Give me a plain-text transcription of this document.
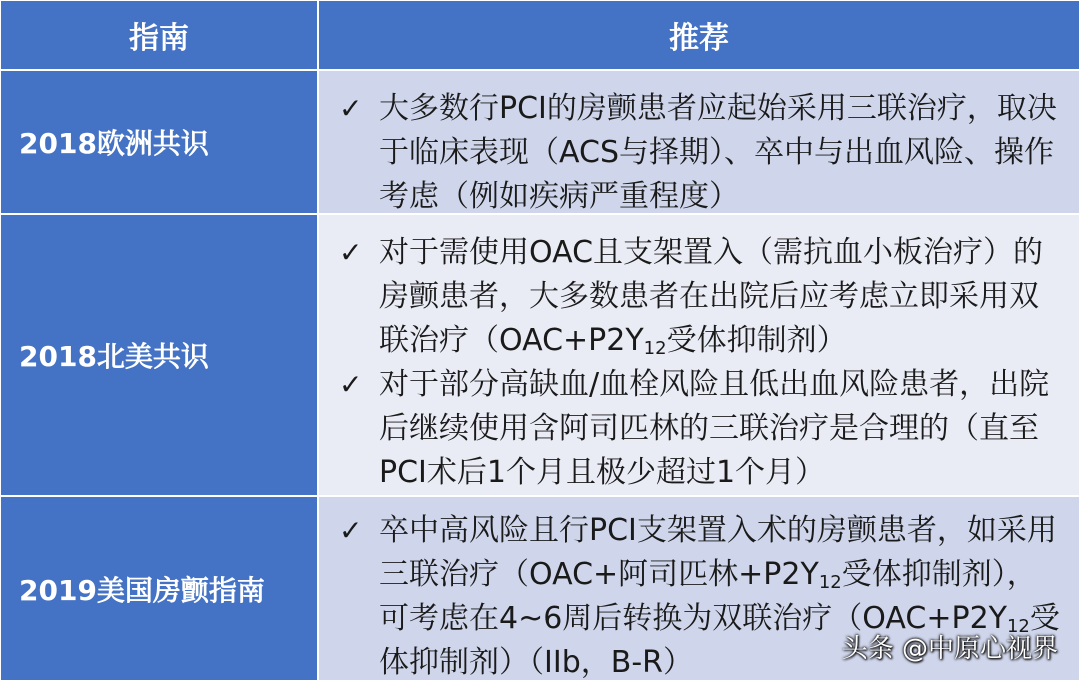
指南	推荐
2018欧洲共识
✓ 大多数行PCI的房颤患者应起始采用三联治疗，取决于临床表现（ACS与择期）、卒中与出血风险、操作考虑（例如疾病严重程度）
2018北美共识
✓ 对于需使用OAC且支架置入（需抗血小板治疗）的房颤患者，大多数患者在出院后应考虑立即采用双联治疗（$OAC+P2Y_{12}$受体抑制剂）
✓ 对于部分高缺血/血栓风险且低出血风险患者，出院后继续使用含阿司匹林的三联治疗是合理的（直至PCI术后1个月且极少超过1个月）
2019美国房颤指南
✓ 卒中高风险且行PCI支架置入术的房颤患者，如采用三联治疗（OAC+阿司匹林$+P2Y_{12}$受体抑制剂），可考虑在4~6周后转换为双联治疗（$OAC+P2Y_{12}$受体抑制剂）（IIb，B-R）	头条 @中原心视界
